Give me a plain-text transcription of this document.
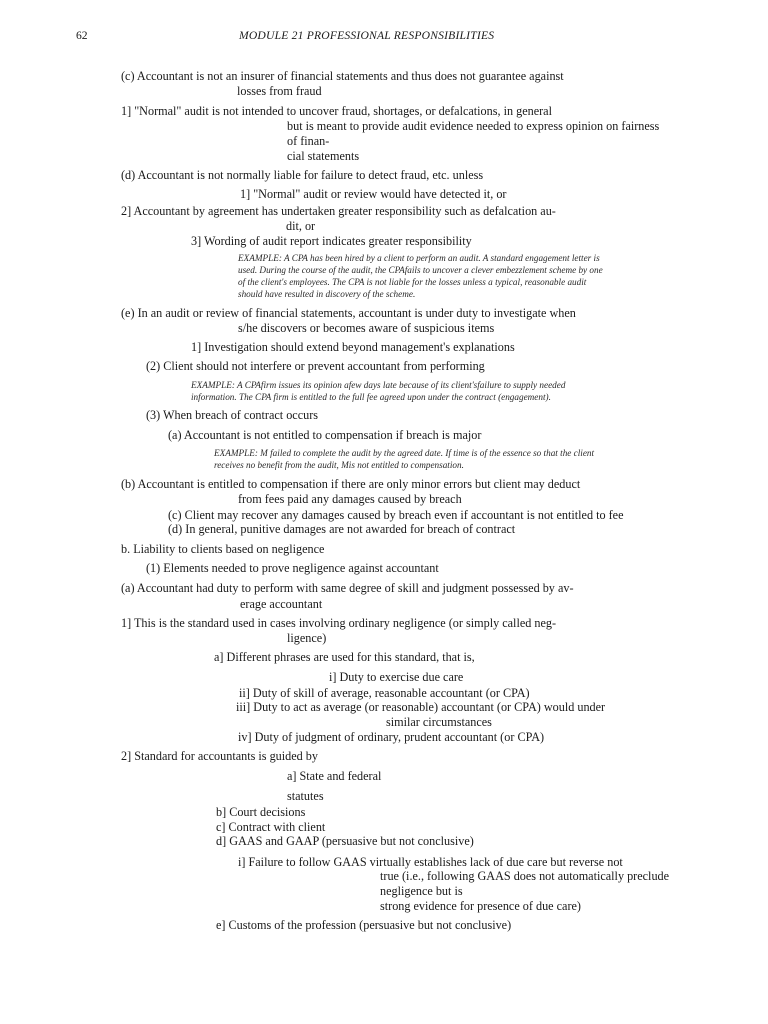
62	MODULE 21 PROFESSIONAL RESPONSIBILITIES
(c) Accountant is not an insurer of financial statements and thus does not guarantee against
losses from fraud
1] "Normal" audit is not intended to uncover fraud, shortages, or defalcations, in general
but is meant to provide audit evidence needed to express opinion on fairness
of finan-
cial statements
(d) Accountant is not normally liable for failure to detect fraud, etc. unless
1] "Normal" audit or review would have detected it, or
2] Accountant by agreement has undertaken greater responsibility such as defalcation au-
dit, or
3] Wording of audit report indicates greater responsibility
EXAMPLE: A CPA has been hired by a client to perform an audit. A standard engagement letter is
used. During the course of the audit, the CPAfails to uncover a clever embezzlement scheme by one
of the client's employees. The CPA is not liable for the losses unless a typical, reasonable audit
should have resulted in discovery of the scheme.
(e) In an audit or review of financial statements, accountant is under duty to investigate when
s/he discovers or becomes aware of suspicious items
1] Investigation should extend beyond management's explanations
(2) Client should not interfere or prevent accountant from performing
EXAMPLE: A CPAfirm issues its opinion afew days late because of its client'sfailure to supply needed
information. The CPA firm is entitled to the full fee agreed upon under the contract (engagement).
(3) When breach of contract occurs
(a) Accountant is not entitled to compensation if breach is major
EXAMPLE: M failed to complete the audit by the agreed date. If time is of the essence so that the client
receives no benefit from the audit, Mis not entitled to compensation.
(b) Accountant is entitled to compensation if there are only minor errors but client may deduct
from fees paid any damages caused by breach
(c) Client may recover any damages caused by breach even if accountant is not entitled to fee
(d) In general, punitive damages are not awarded for breach of contract
b. Liability to clients based on negligence
(1) Elements needed to prove negligence against accountant
(a) Accountant had duty to perform with same degree of skill and judgment possessed by av-
erage accountant
1] This is the standard used in cases involving ordinary negligence (or simply called neg-
ligence)
a] Different phrases are used for this standard, that is,
i] Duty to exercise due care
ii] Duty of skill of average, reasonable accountant (or CPA)
iii] Duty to act as average (or reasonable) accountant (or CPA) would under
similar circumstances
iv] Duty of judgment of ordinary, prudent accountant (or CPA)
2] Standard for accountants is guided by
a] State and federal
statutes
b] Court decisions
c] Contract with client
d] GAAS and GAAP (persuasive but not conclusive)
i] Failure to follow GAAS virtually establishes lack of due care but reverse not
true (i.e., following GAAS does not automatically preclude
negligence but is
strong evidence for presence of due care)
e] Customs of the profession (persuasive but not conclusive)
